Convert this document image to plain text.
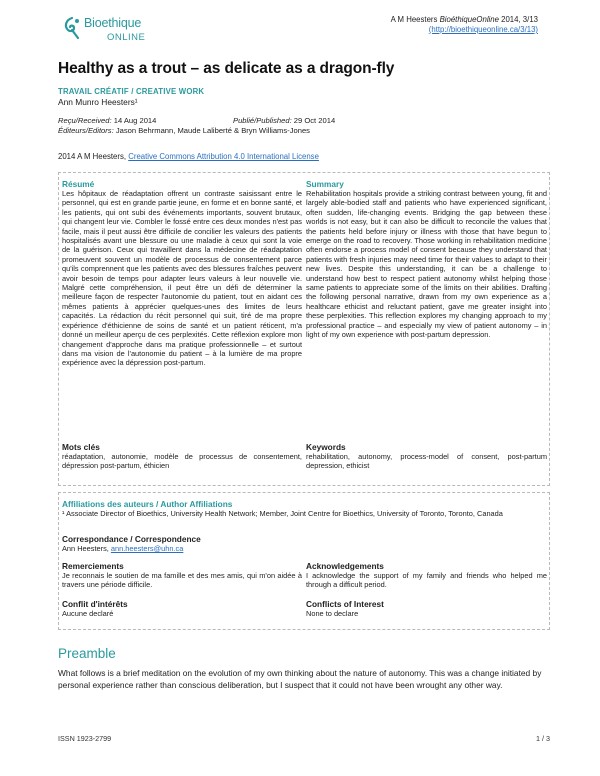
Bioethique
ONLINE
A M Heesters BioéthiqueOnline 2014, 3/13
(http://bioethiqueonline.ca/3/13)
Healthy as a trout – as delicate as a dragon-fly
TRAVAIL CRÉATIF / CREATIVE WORK
Ann Munro Heesters¹
Reçu/Received: 14 Aug 2014	Publié/Published: 29 Oct 2014
Éditeurs/Editors: Jason Behrmann, Maude Laliberté & Bryn Williams-Jones
2014 A M Heesters, Creative Commons Attribution 4.0 International License
Résumé
Les hôpitaux de réadaptation offrent un contraste saisissant entre le personnel, qui est en grande partie jeune, en forme et en bonne santé, et les patients, qui ont subi des événements importants, souvent brutaux, qui changent leur vie. Combler le fossé entre ces deux mondes n'est pas facile, mais il peut aussi être difficile de concilier les valeurs des patients hospitalisés avant une blessure ou une maladie à ceux qui sont la voie de la guérison. Ceux qui travaillent dans la médecine de réadaptation promeuvent souvent un modèle de processus de consentement parce qu'ils comprennent que les patients avec des blessures fraîches peuvent avoir besoin de temps pour adapter leurs valeurs à leur nouvelle vie. Malgré cette compréhension, il peut être un défi de déterminer la meilleure façon de respecter l'autonomie du patient, tout en aidant ces mêmes patients à apprécier quelques-unes des limites de leurs capacités. La rédaction du récit personnel qui suit, tiré de ma propre expérience d'éthicienne de soins de santé et un patient réticent, m'a donné un meilleur aperçu de ces perplexités. Cette réflexion explore mon changement d'approche dans ma pratique professionnelle – et surtout dans ma vision de l'autonomie du patient – à la lumière de ma propre expérience avec la dépression post-partum.
Summary
Rehabilitation hospitals provide a striking contrast between young, fit and largely able-bodied staff and patients who have experienced significant, often sudden, life-changing events. Bridging the gap between these worlds is not easy, but it can also be difficult to reconcile the values that the patients held before injury or illness with those that have begun to emerge on the road to recovery. Those working in rehabilitation medicine often endorse a process model of consent because they understand that patients with fresh injuries may need time for their values to adapt to their new lives. Despite this understanding, it can be a challenge to understand how best to respect patient autonomy whilst helping those same patients to appreciate some of the limits on their abilities. Drafting the following personal narrative, drawn from my own experience as a healthcare ethicist and reluctant patient, gave me greater insight into these perplexities. This reflection explores my changing approach to my professional practice – and especially my view of patient autonomy – in light of my own experience with post-partum depression.
Mots clés
réadaptation, autonomie, modèle de processus de consentement, dépression post-partum, éthicien
Keywords
rehabilitation, autonomy, process-model of consent, post-partum depression, ethicist
Affiliations des auteurs / Author Affiliations
¹ Associate Director of Bioethics, University Health Network; Member, Joint Centre for Bioethics, University of Toronto, Toronto, Canada
Correspondance / Correspondence
Ann Heesters, ann.heesters@uhn.ca
Remerciements
Je reconnais le soutien de ma famille et des mes amis, qui m'on aidée à travers une période difficile.
Acknowledgements
I acknowledge the support of my family and friends who helped me through a difficult period.
Conflit d'intérêts
Aucune declaré
Conflicts of Interest
None to declare
Preamble
What follows is a brief meditation on the evolution of my own thinking about the nature of autonomy. This was a change initiated by personal experience rather than conscious deliberation, but I suspect that it could not have been wrought any other way.
ISSN 1923-2799	1 / 3
